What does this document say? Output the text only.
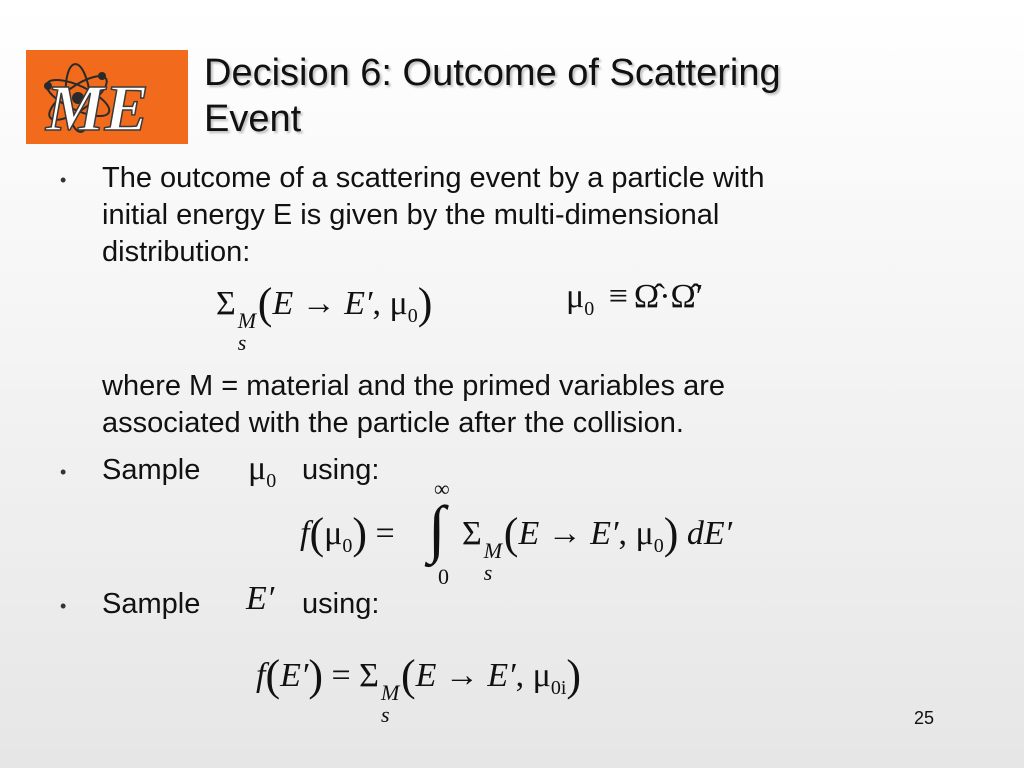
ME Decision 6: Outcome of Scattering
Event
• The outcome of a scattering event by a particle with
initial energy E is given by the multi-dimensional
distribution:
Σ M
s
(E → E′, $\mu_0$)	$\mu_0$ ≡ Ω̂·Ω̂′
where M = material and the primed variables are
associated with the particle after the collision.
• Sample	using:
$\mu_0$
$f(\mu_0)$ =
∞
∫
0
Σ M
s
(E → E′, $\mu_0$) dE′
• Sample	using:
E′
f(E′) = Σ M
s
(E → E′, $\mu_{0i}$)
25
